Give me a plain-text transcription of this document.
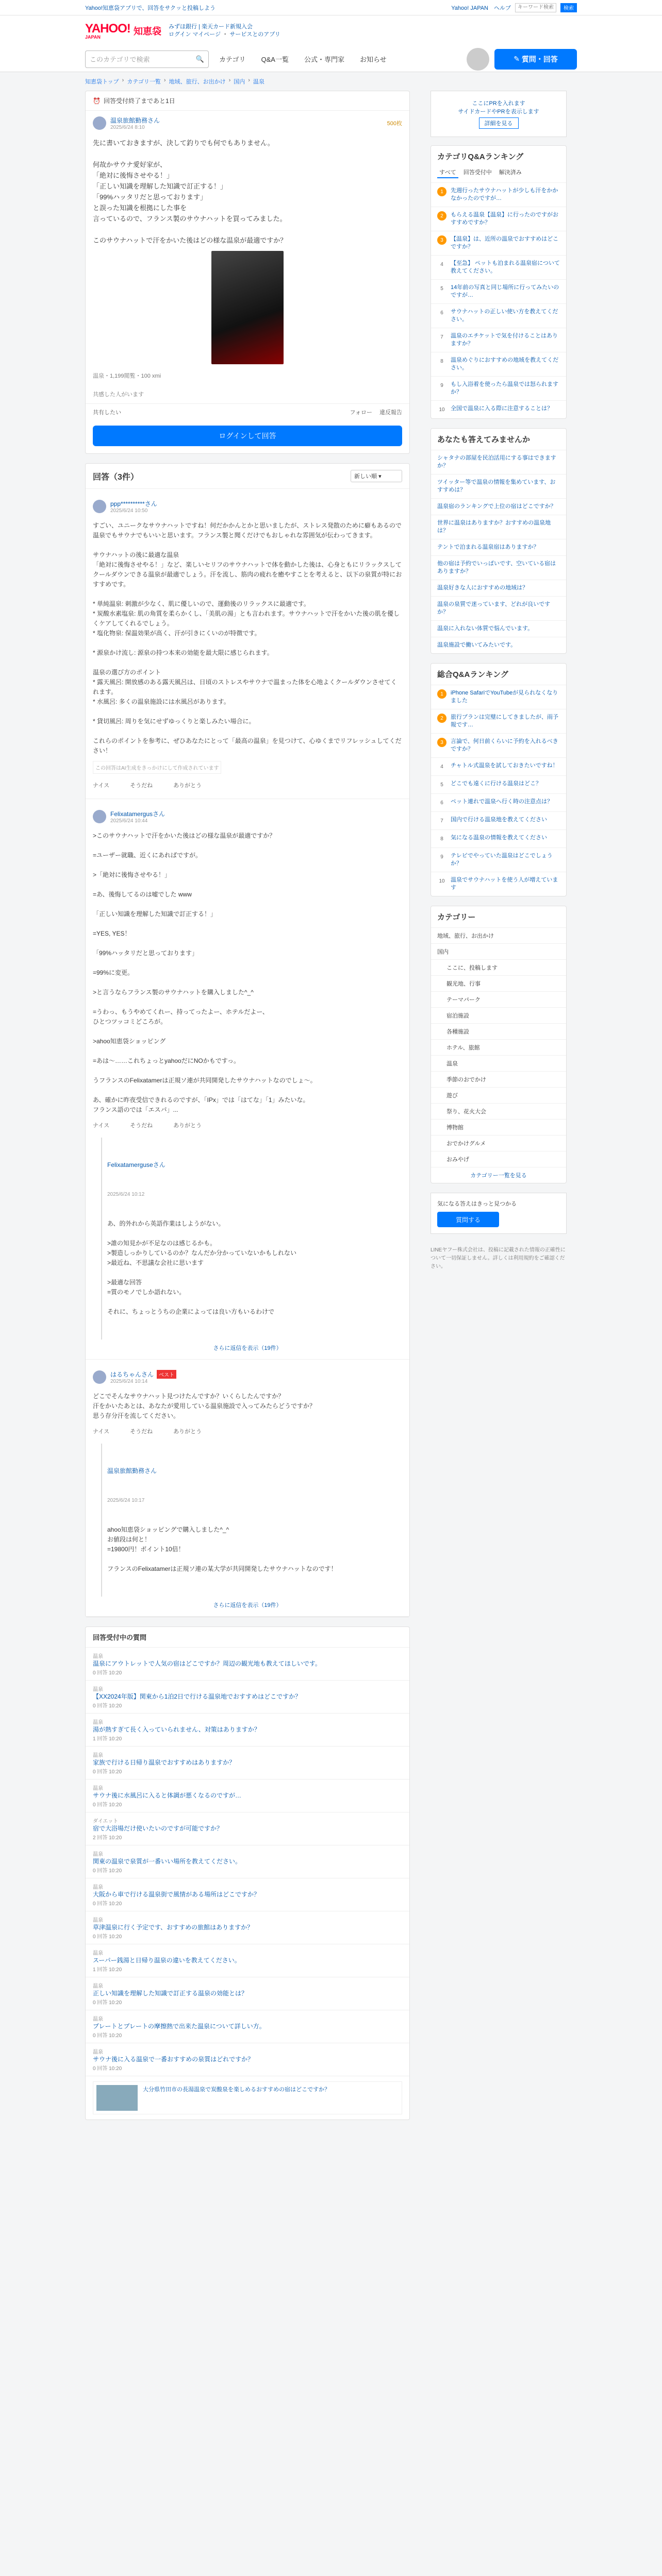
Yahoo!知恵袋アプリで、回答をサクッと投稿しよう	Yahoo! JAPAN　ヘルプ
キーワード検索	検索
YAHOO!
JAPAN
知恵袋 みずほ銀行 | 楽天カード新規入会
ログイン マイページ ・ サービスとのアプリ
このカテゴリで検索	🔍	カテゴリ	Q&A一覧	公式・専門家	お知らせ	✎ 質問・回答
知恵袋トップ › カテゴリ一覧 › 地域、旅行、お出かけ › 国内 › 温泉
⏰ 回答受付終了まであと1日
温泉旅館勤務さん
2025/6/24 8:10
500枚
先に書いておきますが、決して釣りでも何でもありません。

何故かサウナ愛好家が、
「絶対に後悔させやる！」
「正しい知識を理解した知識で訂正する！」
「99%ハッタリだと思っております」
と誤った知識を根拠にした事を
言っているので、フランス製のサウナハットを買ってみました。

このサウナハットで汗をかいた後はどの様な温泉が最適ですか？
温泉・1,199閲覧・100 xmi

共感した人がいます
共有したい	フォロー 違反報告
ログインして回答
回答（3件）	新しい順
▾
ppp**********さん
2025/6/24 10:50
すごい、ユニークなサウナハットですね！何だかかんとかと思いましたが、ストレス発散のために癖もあるので温泉でもサウナでもいいと思います。フランス製と聞くだけでもおしゃれな雰囲気が伝わってきます。

サウナハットの後に最適な温泉
「絶対に後悔させやる！」など、楽しいセリフのサウナハットで体を動かした後は、心身ともにリラックスしてクールダウンできる温泉が最適でしょう。汗を流し、筋肉の疲れを癒やすことを考えると、以下の泉質が特におすすめです。

* 単純温泉: 刺激が少なく、肌に優しいので、運動後のリラックスに最適です。
* 炭酸水素塩泉: 肌の角質を柔らかくし、「美肌の湯」とも言われます。サウナハットで汗をかいた後の肌を優しくケアしてくれるでしょう。
* 塩化物泉: 保温効果が高く、汗が引きにくいのが特徴です。

* 源泉かけ流し: 源泉の持つ本来の効能を最大限に感じられます。

温泉の選び方のポイント
* 露天風呂: 開放感のある露天風呂は、日頃のストレスやサウナで温まった体を心地よくクールダウンさせてくれます。
* 水風呂: 多くの温泉施設には水風呂があります。

* 貸切風呂: 周りを気にせずゆっくりと楽しみたい場合に。

これらのポイントを参考に、ぜひあなたにとって「最高の温泉」を見つけて、心ゆくまでリフレッシュしてください！
この回答はAI生成をきっかけにして作成されています
ナイス	そうだね	ありがとう
Felixatamergusさん
2025/6/24 10:44
>このサウナハットで汗をかいた後はどの様な温泉が最適ですか？

=ユーザー就職、近くにあればですが。

>「絶対に後悔させやる！」

=あ、後悔してるのは嘘でした www

「正しい知識を理解した知識で訂正する！」

=YES, YES！

「99%ハッタリだと思っております」

=99%に変更。

>と言うならフランス製のサウナハットを購入しました^_^

=うわっ、もうやめてくれー、持ってったよー、ホテルだよー、
ひとつツッコミどころが。

>ahoo知恵袋ショッピング

=あは～……これちょっとyahooだにNOかもですっ。

うフランスのFelixatamerは正規ソ連が共同開発したサウナハットなのでしょ～。

あ、確かに昨夜受信できれるのですが、「IPx」では「はてな」「1」みたいな。
フランス語のでは「エスパ」...
ナイス	そうだね	ありがとう

Felixatamerguseさん

2025/6/24 10:12

あ、的外れから英語作業はしようがない。

>誰の知見かが不足なのは感じるかも。
>製造しっかりしているのか？なんだか分かっていないかもしれない
>最近ね、不思議な会社に思います

>最適な回答
=質のモノでしか語れない。

それに、ちょっとうちの企業によっては良い方もいるわけで

さらに返信を表示（19件）
はるちゃんさん ベスト
2025/6/24 10:14
どこでそんなサウナハット見つけたんですか？いくらしたんですか？
汗をかいたあとは、あなたが愛用している温泉施設で入ってみたらどうですか？
思う存分汗を流してください。
ナイス	そうだね	ありがとう

温泉旅館勤務さん

2025/6/24 10:17

ahoo知恵袋ショッピングで購入しました^_^
お値段は何と！
=19800円！ポイント10倍！

フランスのFelixatamerは正規ソ連の某大学が共同開発したサウナハットなのです！

さらに返信を表示（19件）
回答受付中の質問
温泉
温泉にアウトレットで人気の宿はどこですか？周辺の観光地も教えてほしいです。
0 回答 10:20
温泉
【XX2024年版】関東から1泊2日で行ける温泉地でおすすめはどこですか？
0 回答 10:20
温泉
湯が熱すぎて長く入っていられません、対策はありますか？
1 回答 10:20
温泉
家族で行ける日帰り温泉でおすすめはありますか？
0 回答 10:20
温泉
サウナ後に水風呂に入ると体調が悪くなるのですが…
0 回答 10:20
ダイエット
宿で大浴場だけ使いたいのですが可能ですか？
2 回答 10:20
温泉
関東の温泉で泉質が一番いい場所を教えてください。
0 回答 10:20
温泉
大阪から車で行ける温泉街で風情がある場所はどこですか？
0 回答 10:20
温泉
草津温泉に行く予定です、おすすめの旅館はありますか？
0 回答 10:20
温泉
スーパー銭湯と日帰り温泉の違いを教えてください。
1 回答 10:20
温泉
正しい知識を理解した知識で訂正する温泉の効能とは？
0 回答 10:20
温泉
プレートとプレートの摩擦熱で出来た温泉について詳しい方。
0 回答 10:20
温泉
サウナ後に入る温泉で一番おすすめの泉質はどれですか？
0 回答 10:20
大分県竹田市の長湯温泉で炭酸泉を楽しめるおすすめの宿はどこですか？
ここにPRを入れます
サイドカードやPRを表示します
詳細を見る
カテゴリQ&Aランキング
すべて	回答受付中	解決済み
1	先週行ったサウナハットが少しも汗をかかなかったのですが…
2	もらえる温泉【温泉】に行ったのですがおすすめですか？
3	【温泉】は、近所の温泉でおすすめはどこですか？
4	【至急】 ペットも泊まれる温泉宿について教えてください。
5	14年前の写真と同じ場所に行ってみたいのですが…
6	サウナハットの正しい使い方を教えてください。
7	温泉のエチケットで気を付けることはありますか？
8	温泉めぐりにおすすめの地域を教えてください。
9	もし入浴着を使ったら温泉では怒られますか？
10	全国で温泉に入る際に注意することは？
あなたも答えてみませんか
シャタナの部屋を民泊活用にする事はできますか？
ツイッター等で温泉の情報を集めています、おすすめは？
温泉宿のランキングで上位の宿はどこですか？
世界に温泉はありますか？おすすめの温泉地は？
テントで泊まれる温泉宿はありますか？
他の宿は予約でいっぱいです、空いている宿はありますか？
温泉好きな人におすすめの地域は？
温泉の泉質で迷っています、どれが良いですか？
温泉に入れない体質で悩んでいます。
温泉施設で働いてみたいです。
総合Q&Aランキング
1	iPhone SafariでYouTubeが見られなくなりました
2	旅行プランは完璧にしてきましたが、雨予報です…
3	言論で、何日前くらいに予約を入れるべきですか？
4	チャトル式温泉を試しておきたいですね！
5	どこでも遠くに行ける温泉はどこ？
6	ペット連れで温泉へ行く時の注意点は？
7	国内で行ける温泉地を教えてください
8	気になる温泉の情報を教えてください
9	テレビでやっていた温泉はどこでしょうか？
10	温泉でサウナハットを使う人が増えています
カテゴリー
地域、旅行、お出かけ
国内
ここに、投稿します
観光地、行事
テーマパーク
宿泊施設
各種施設
ホテル、旅館
温泉
季節のおでかけ
遊び
祭り、花火大会
博物館
おでかけグルメ
おみやげ
カテゴリー一覧を見る
気になる答えはきっと見つかる
質問する
LINEヤフー株式会社は、投稿に記載された情報の正確性について一切保証しません。詳しくは利用規約をご確認ください。
